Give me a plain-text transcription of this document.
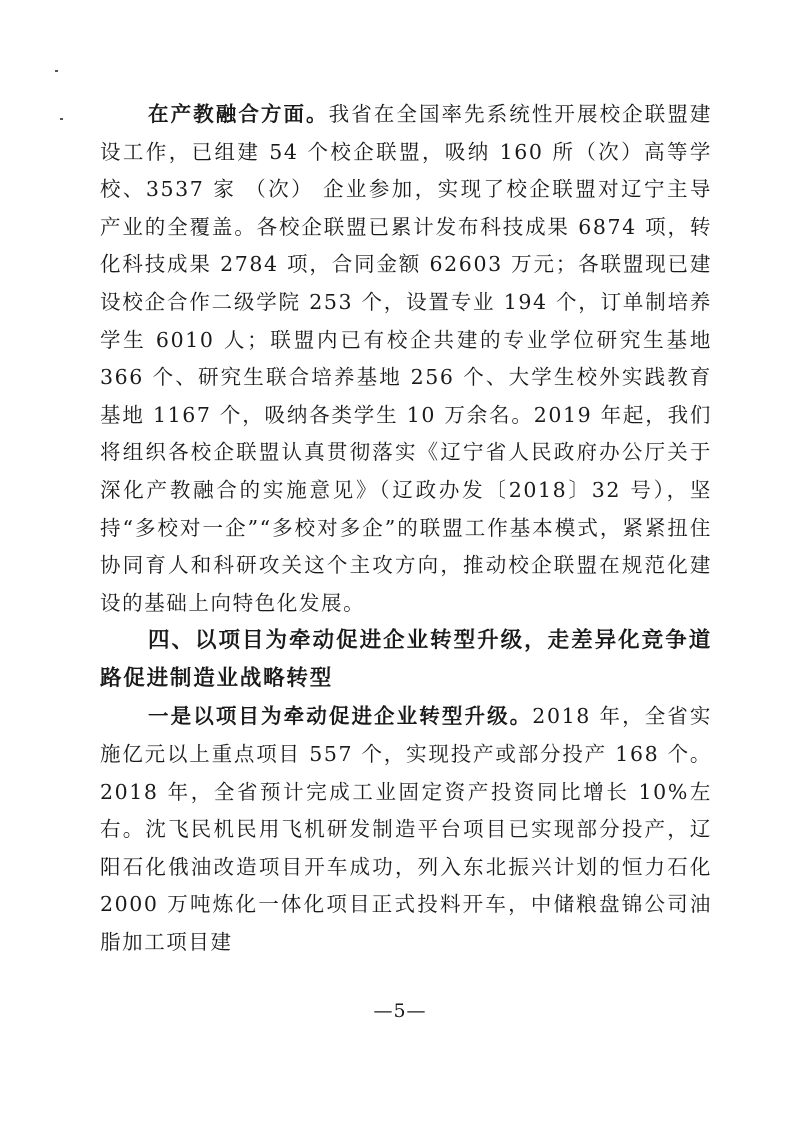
在产教融合方面。我省在全国率先系统性开展校企联盟建设工作，已组建 54 个校企联盟，吸纳 160 所（次）高等学校、3537 家 （次） 企业参加，实现了校企联盟对辽宁主导产业的全覆盖。各校企联盟已累计发布科技成果 6874 项，转化科技成果 2784 项，合同金额 62603 万元；各联盟现已建设校企合作二级学院 253 个，设置专业 194 个，订单制培养学生 6010 人；联盟内已有校企共建的专业学位研究生基地 366 个、研究生联合培养基地 256 个、大学生校外实践教育基地 1167 个，吸纳各类学生 10 万余名。2019 年起，我们将组织各校企联盟认真贯彻落实《辽宁省人民政府办公厅关于深化产教融合的实施意见》（辽政办发〔2018〕32 号），坚持“多校对一企”“多校对多企”的联盟工作基本模式，紧紧扭住协同育人和科研攻关这个主攻方向，推动校企联盟在规范化建设的基础上向特色化发展。

四、以项目为牵动促进企业转型升级，走差异化竞争道路促进制造业战略转型

一是以项目为牵动促进企业转型升级。2018 年，全省实施亿元以上重点项目 557 个，实现投产或部分投产 168 个。2018 年，全省预计完成工业固定资产投资同比增长 10%左右。沈飞民机民用飞机研发制造平台项目已实现部分投产，辽阳石化俄油改造项目开车成功，列入东北振兴计划的恒力石化 2000 万吨炼化一体化项目正式投料开车，中储粮盘锦公司油脂加工项目建

—5—
